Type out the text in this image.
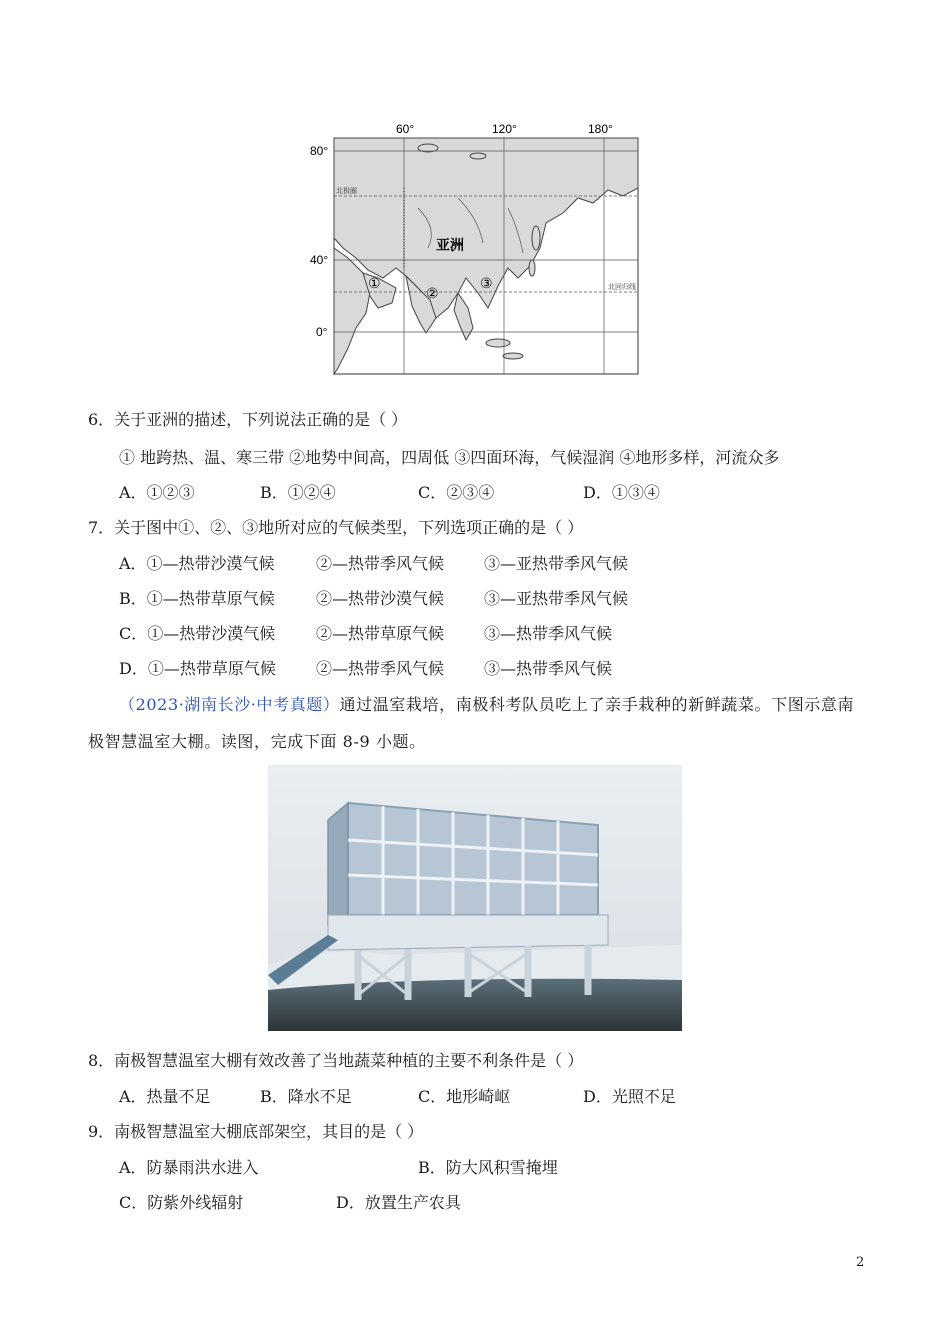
60°	120°	180°
80°
40°
0°
北极圈
北回归线
亚洲
①
②
③
6．关于亚洲的描述，下列说法正确的是（ ）
① 地跨热、温、寒三带 ②地势中间高，四周低 ③四面环海，气候湿润 ④地形多样，河流众多
A．①②③	B．①②④	C．②③④	D．①③④
7．关于图中①、②、③地所对应的气候类型，下列选项正确的是（ ）
A．①—热带沙漠气候	②—热带季风气候 ③—亚热带季风气候
B．①—热带草原气候	②—热带沙漠气候 ③—亚热带季风气候
C．①—热带沙漠气候	②—热带草原气候 ③—热带季风气候
D．①—热带草原气候	②—热带季风气候 ③—热带季风气候
（2023·湖南长沙·中考真题）通过温室栽培，南极科考队员吃上了亲手栽种的新鲜蔬菜。下图示意南
极智慧温室大棚。读图，完成下面 8-9 小题。
8．南极智慧温室大棚有效改善了当地蔬菜种植的主要不利条件是（ ）
A．热量不足	B．降水不足	C．地形崎岖	D．光照不足
9．南极智慧温室大棚底部架空，其目的是（ ）
A．防暴雨洪水进入	B．防大风积雪掩埋
C．防紫外线辐射	D．放置生产农具
2
